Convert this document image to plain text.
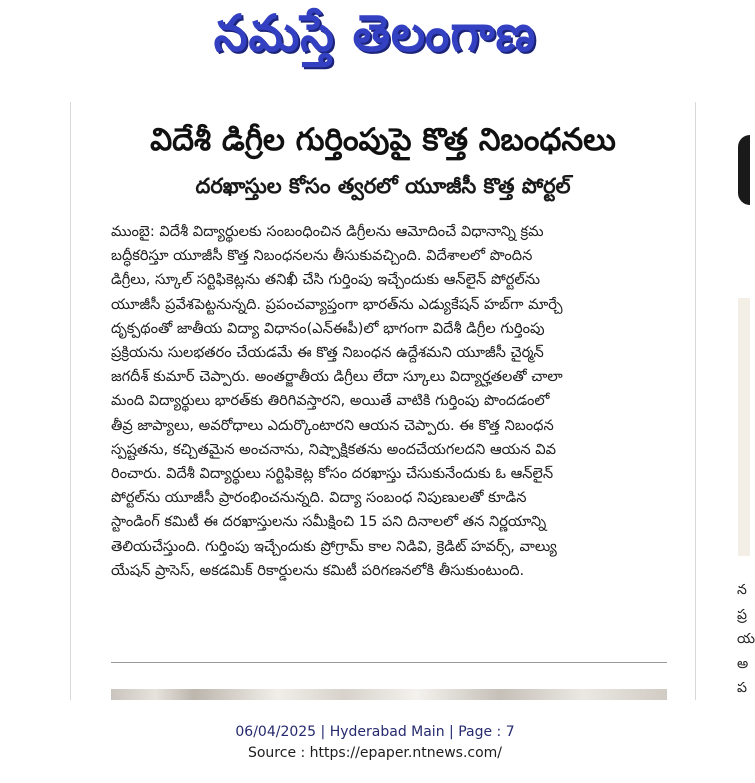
నమస్తే తెలంగాణ
విదేశీ డిగ్రీల గుర్తింపుపై కొత్త నిబంధనలు
దరఖాస్తుల కోసం త్వరలో యూజీసీ కొత్త పోర్టల్
ముంబై: విదేశీ విద్యార్థులకు సంబంధించిన డిగ్రీలను ఆమోదించే విధానాన్ని క్రమ
బద్ధీకరిస్తూ యూజీసీ కొత్త నిబంధనలను తీసుకువచ్చింది. విదేశాలలో పొందిన
డిగ్రీలు, స్కూల్ సర్టిఫికెట్లను తనిఖీ చేసి గుర్తింపు ఇచ్చేందుకు ఆన్‌లైన్ పోర్టల్‌ను
యూజీసీ ప్రవేశపెట్టనున్నది. ప్రపంచవ్యాప్తంగా భారత్‌ను ఎడ్యుకేషన్ హబ్‌గా మార్చే
దృక్పథంతో జాతీయ విద్యా విధానం(ఎన్‌ఈపీ)లో భాగంగా విదేశీ డిగ్రీల గుర్తింపు
ప్రక్రియను సులభతరం చేయడమే ఈ కొత్త నిబంధన ఉద్దేశమని యూజీసీ చైర్మన్
జగదీశ్ కుమార్ చెప్పారు. అంతర్జాతీయ డిగ్రీలు లేదా స్కూలు విద్యార్హతలతో చాలా
మంది విద్యార్థులు భారత్‌కు తిరిగివస్తారని, అయితే వాటికి గుర్తింపు పొందడంలో
తీవ్ర జాప్యాలు, అవరోధాలు ఎదుర్కొంటారని ఆయన చెప్పారు. ఈ కొత్త నిబంధన
స్పష్టతను, కచ్చితమైన అంచనాను, నిష్పాక్షికతను అందచేయగలదని ఆయన వివ
రించారు. విదేశీ విద్యార్థులు సర్టిఫికెట్ల కోసం దరఖాస్తు చేసుకునేందుకు ఓ ఆన్‌లైన్
పోర్టల్‌ను యూజీసీ ప్రారంభించనున్నది. విద్యా సంబంధ నిపుణులతో కూడిన
స్టాండింగ్ కమిటీ ఈ దరఖాస్తులను సమీక్షించి 15 పని దినాలలో తన నిర్ణయాన్ని
తెలియచేస్తుంది. గుర్తింపు ఇచ్చేందుకు ప్రోగ్రామ్ కాల నిడివి, క్రెడిట్ హవర్స్, వాల్యు
యేషన్ ప్రాసెస్, అకడమిక్ రికార్డులను కమిటీ పరిగణనలోకి తీసుకుంటుంది.
న
ప్ర
య
అ
ప
06/04/2025 | Hyderabad Main | Page : 7
Source : https://epaper.ntnews.com/
